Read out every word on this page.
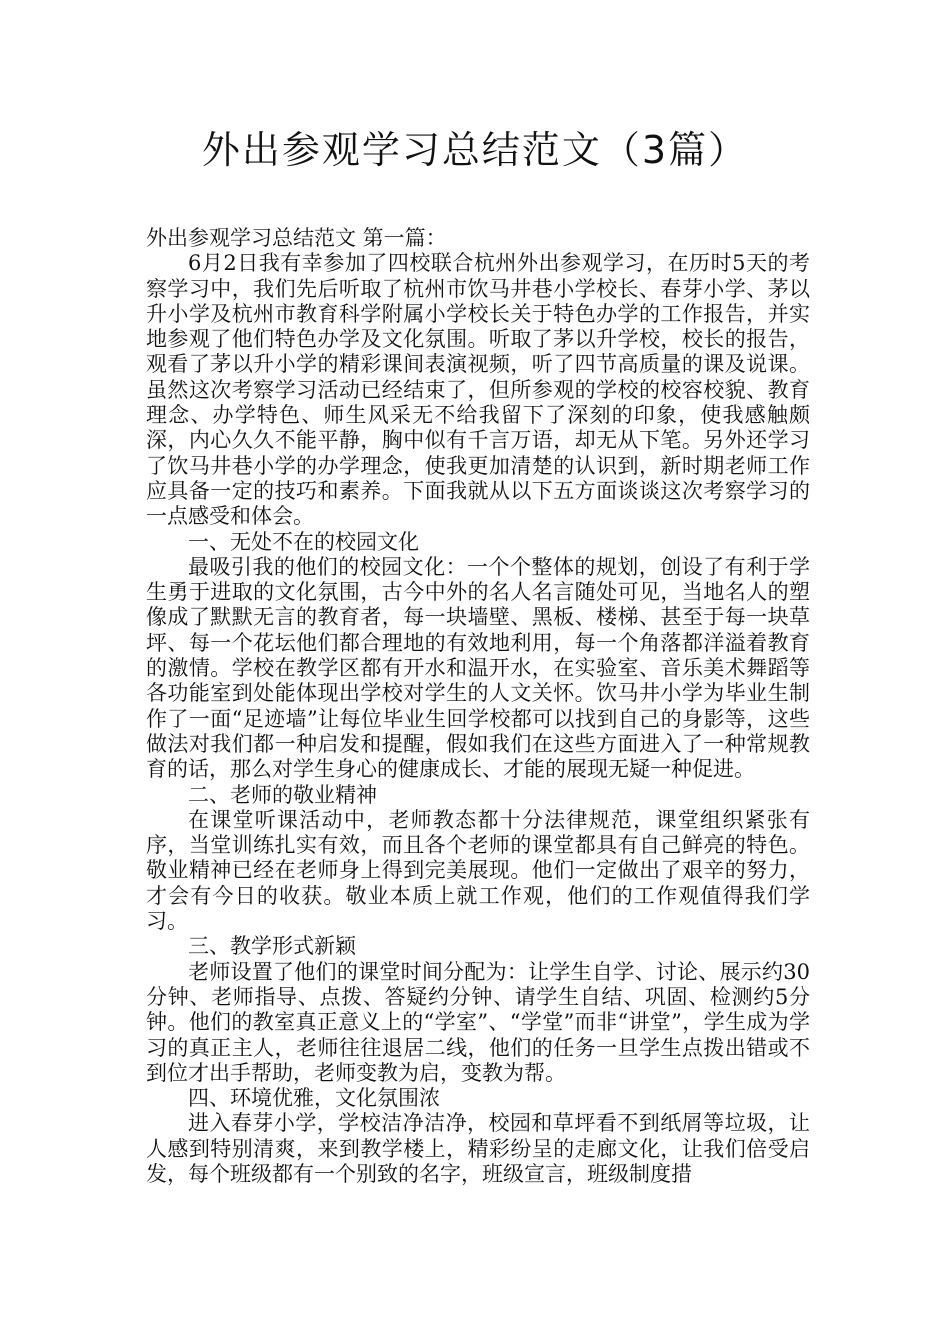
外出参观学习总结范文（3篇）

外出参观学习总结范文 第一篇：

6月2日我有幸参加了四校联合杭州外出参观学习，在历时5天的考察学习中，我们先后听取了杭州市饮马井巷小学校长、春芽小学、茅以升小学及杭州市教育科学附属小学校长关于特色办学的工作报告，并实地参观了他们特色办学及文化氛围。听取了茅以升学校，校长的报告，观看了茅以升小学的精彩课间表演视频，听了四节高质量的课及说课。虽然这次考察学习活动已经结束了，但所参观的学校的校容校貌、教育理念、办学特色、师生风采无不给我留下了深刻的印象，使我感触颇深，内心久久不能平静，胸中似有千言万语，却无从下笔。另外还学习了饮马井巷小学的办学理念，使我更加清楚的认识到，新时期老师工作应具备一定的技巧和素养。下面我就从以下五方面谈谈这次考察学习的一点感受和体会。

一、无处不在的校园文化

最吸引我的他们的校园文化：一个个整体的规划，创设了有利于学生勇于进取的文化氛围，古今中外的名人名言随处可见，当地名人的塑像成了默默无言的教育者，每一块墙壁、黑板、楼梯、甚至于每一块草坪、每一个花坛他们都合理地的有效地利用，每一个角落都洋溢着教育的激情。学校在教学区都有开水和温开水，在实验室、音乐美术舞蹈等各功能室到处能体现出学校对学生的人文关怀。饮马井小学为毕业生制作了一面“足迹墙”让每位毕业生回学校都可以找到自己的身影等，这些做法对我们都一种启发和提醒，假如我们在这些方面进入了一种常规教育的话，那么对学生身心的健康成长、才能的展现无疑一种促进。

二、老师的敬业精神

在课堂听课活动中，老师教态都十分法律规范，课堂组织紧张有序，当堂训练扎实有效，而且各个老师的课堂都具有自己鲜亮的特色。敬业精神已经在老师身上得到完美展现。他们一定做出了艰辛的努力，才会有今日的收获。敬业本质上就工作观，他们的工作观值得我们学习。

三、教学形式新颖

老师设置了他们的课堂时间分配为：让学生自学、讨论、展示约30分钟、老师指导、点拨、答疑约分钟、请学生自结、巩固、检测约5分钟。他们的教室真正意义上的“学室”、“学堂”而非“讲堂”，学生成为学习的真正主人，老师往往退居二线，他们的任务一旦学生点拨出错或不到位才出手帮助，老师变教为启，变教为帮。

四、环境优雅，文化氛围浓

进入春芽小学，学校洁净洁净，校园和草坪看不到纸屑等垃圾，让人感到特别清爽，来到教学楼上，精彩纷呈的走廊文化，让我们倍受启发，每个班级都有一个别致的名字，班级宣言，班级制度措
